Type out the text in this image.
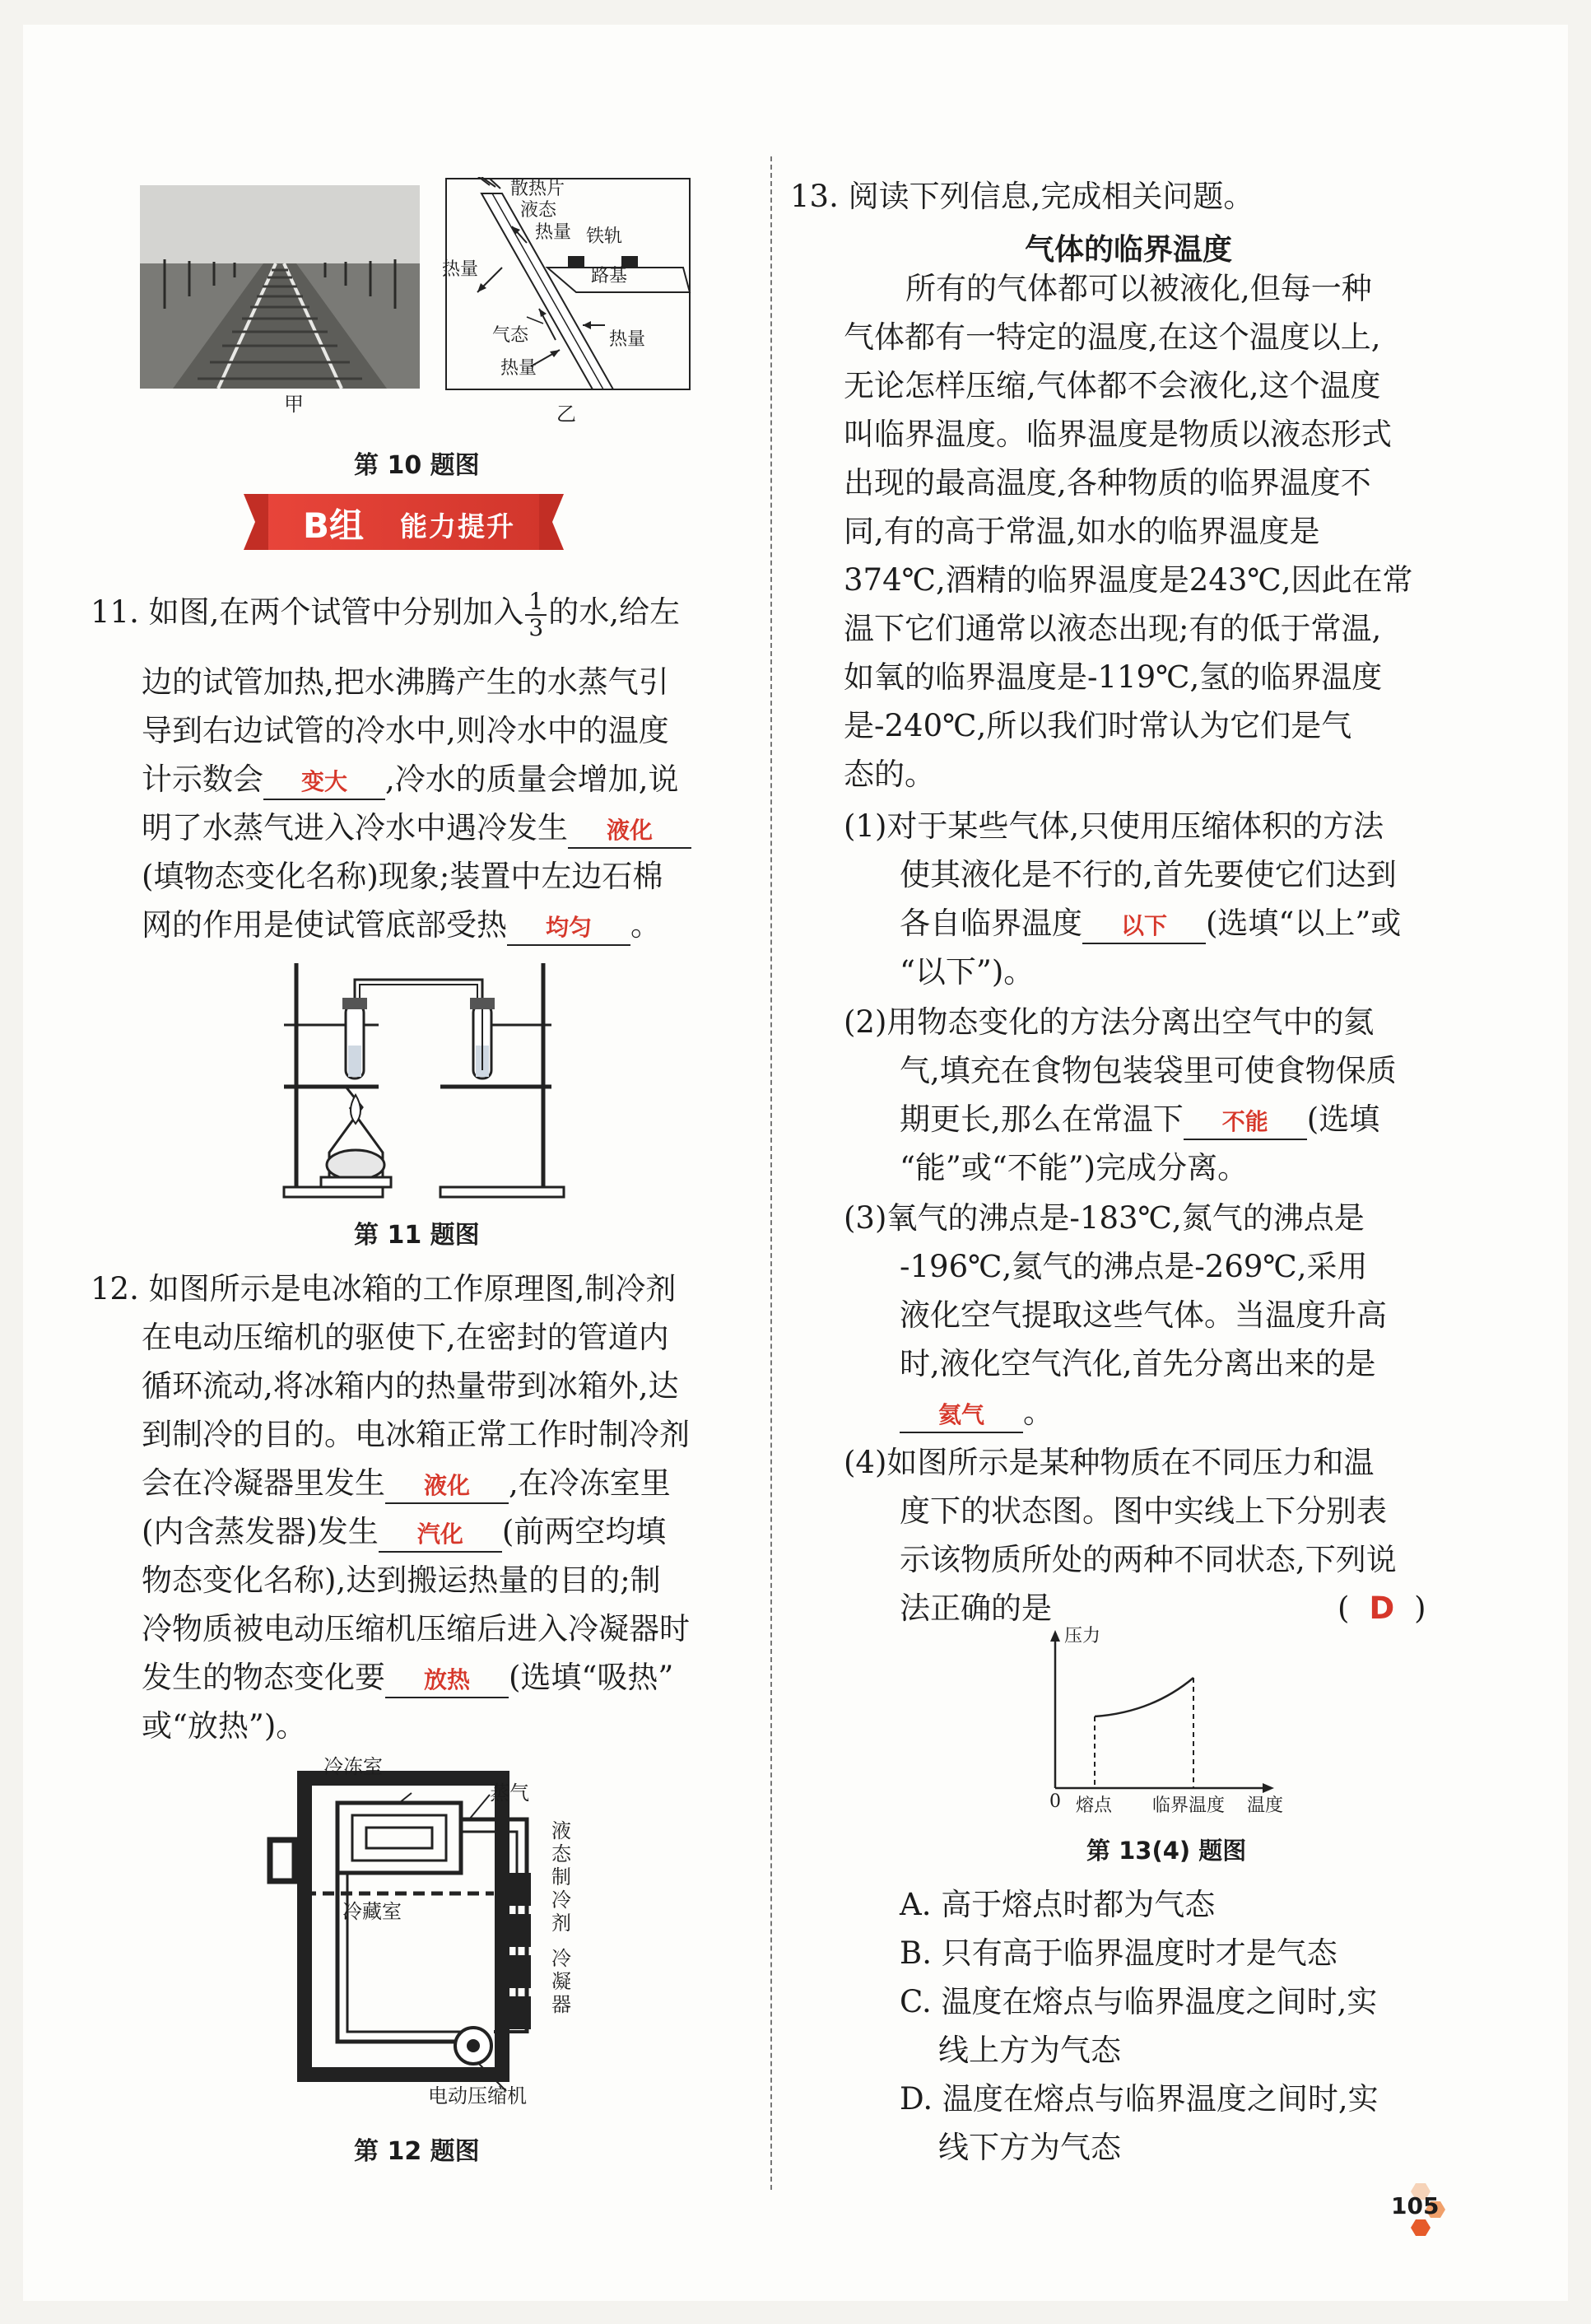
甲
散热片
液态
热量 铁轨
热量	路基
气态	热量
热量
乙
第 10 题图
B组 能力提升
11. 如图,在两个试管中分别加入 $\frac{1}{3}$ 的水,给左
边的试管加热,把水沸腾产生的水蒸气引
导到右边试管的冷水中,则冷水中的温度
计示数会 变大 ,冷水的质量会增加,说
明了水蒸气进入冷水中遇冷发生 液化
(填物态变化名称)现象;装置中左边石棉
网的作用是使试管底部受热 均匀 。
第 11 题图
12. 如图所示是电冰箱的工作原理图,制冷剂
在电动压缩机的驱使下,在密封的管道内
循环流动,将冰箱内的热量带到冰箱外,达
到制冷的目的。电冰箱正常工作时制冷剂
会在冷凝器里发生 液化 ,在冷冻室里
(内含蒸发器)发生 汽化 (前两空均填
物态变化名称),达到搬运热量的目的;制
冷物质被电动压缩机压缩后进入冷凝器时
发生的物态变化要 放热 (选填“吸热”
或“放热”)。
冷冻室
蒸气
冷藏室
液态制冷剂
冷凝器
电动压缩机
第 12 题图
13. 阅读下列信息,完成相关问题。
气体的临界温度
所有的气体都可以被液化,但每一种
气体都有一特定的温度,在这个温度以上,
无论怎样压缩,气体都不会液化,这个温度
叫临界温度。临界温度是物质以液态形式
出现的最高温度,各种物质的临界温度不
同,有的高于常温,如水的临界温度是
374℃,酒精的临界温度是243℃,因此在常
温下它们通常以液态出现;有的低于常温,
如氧的临界温度是-119℃,氢的临界温度
是-240℃,所以我们时常认为它们是气
态的。
(1)对于某些气体,只使用压缩体积的方法
使其液化是不行的,首先要使它们达到
各自临界温度 以下 (选填“以上”或
“以下”)。
(2)用物态变化的方法分离出空气中的氦
气,填充在食物包装袋里可使食物保质
期更长,那么在常温下 不能 (选填
“能”或“不能”)完成分离。
(3)氧气的沸点是-183℃,氮气的沸点是
-196℃,氦气的沸点是-269℃,采用
液化空气提取这些气体。当温度升高
时,液化空气汽化,首先分离出来的是
氦气 。
(4)如图所示是某种物质在不同压力和温
度下的状态图。图中实线上下分别表
示该物质所处的两种不同状态,下列说
法正确的是	( D )
压力
0 熔点 临界温度 温度
第 13(4) 题图
A. 高于熔点时都为气态
B. 只有高于临界温度时才是气态
C. 温度在熔点与临界温度之间时,实
线上方为气态
D. 温度在熔点与临界温度之间时,实
线下方为气态
105
